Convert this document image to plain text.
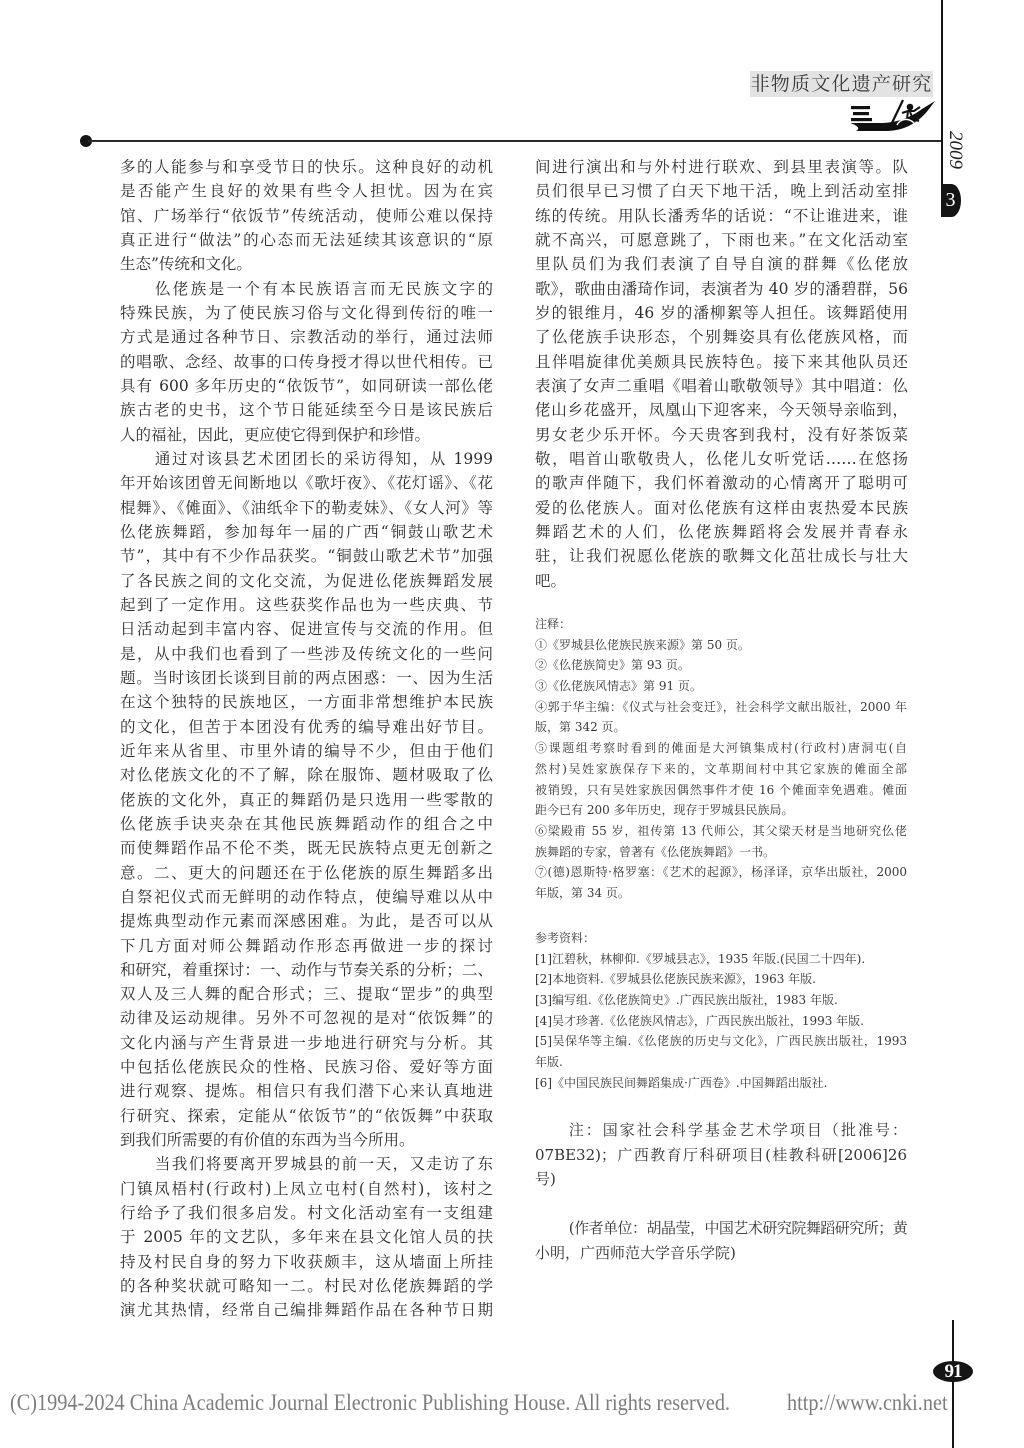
非物质文化遗产研究
2009
3
多的人能参与和享受节日的快乐。这种良好的动机
是否能产生良好的效果有些令人担忧。因为在宾
馆、广场举行“依饭节”传统活动，使师公难以保持
真正进行“做法”的心态而无法延续其该意识的“原
生态”传统和文化。
仫佬族是一个有本民族语言而无民族文字的
特殊民族，为了使民族习俗与文化得到传衍的唯一
方式是通过各种节日、宗教活动的举行，通过法师
的唱歌、念经、故事的口传身授才得以世代相传。已
具有 600 多年历史的“依饭节”，如同研读一部仫佬
族古老的史书，这个节日能延续至今日是该民族后
人的福祉，因此，更应使它得到保护和珍惜。
通过对该县艺术团团长的采访得知，从 1999
年开始该团曾无间断地以《歌圩夜》、《花灯谣》、《花
棍舞》、《傩面》、《油纸伞下的勒麦妹》、《女人河》等
仫佬族舞蹈，参加每年一届的广西“铜鼓山歌艺术
节”，其中有不少作品获奖。“铜鼓山歌艺术节”加强
了各民族之间的文化交流，为促进仫佬族舞蹈发展
起到了一定作用。这些获奖作品也为一些庆典、节
日活动起到丰富内容、促进宣传与交流的作用。但
是，从中我们也看到了一些涉及传统文化的一些问
题。当时该团长谈到目前的两点困惑：一、因为生活
在这个独特的民族地区，一方面非常想维护本民族
的文化，但苦于本团没有优秀的编导难出好节目。
近年来从省里、市里外请的编导不少，但由于他们
对仫佬族文化的不了解，除在服饰、题材吸取了仫
佬族的文化外，真正的舞蹈仍是只选用一些零散的
仫佬族手诀夹杂在其他民族舞蹈动作的组合之中
而使舞蹈作品不伦不类，既无民族特点更无创新之
意。二、更大的问题还在于仫佬族的原生舞蹈多出
自祭祀仪式而无鲜明的动作特点，使编导难以从中
提炼典型动作元素而深感困难。为此，是否可以从
下几方面对师公舞蹈动作形态再做进一步的探讨
和研究，着重探讨：一、动作与节奏关系的分析；二、
双人及三人舞的配合形式；三、提取“罡步”的典型
动律及运动规律。另外不可忽视的是对“依饭舞”的
文化内涵与产生背景进一步地进行研究与分析。其
中包括仫佬族民众的性格、民族习俗、爱好等方面
进行观察、提炼。相信只有我们潜下心来认真地进
行研究、探索，定能从“依饭节”的“依饭舞”中获取
到我们所需要的有价值的东西为当今所用。
当我们将要离开罗城县的前一天，又走访了东
门镇凤梧村(行政村)上凤立屯村(自然村)，该村之
行给予了我们很多启发。村文化活动室有一支组建
于 2005 年的文艺队，多年来在县文化馆人员的扶
持及村民自身的努力下收获颇丰，这从墙面上所挂
的各种奖状就可略知一二。村民对仫佬族舞蹈的学
演尤其热情，经常自己编排舞蹈作品在各种节日期
间进行演出和与外村进行联欢、到县里表演等。队
员们很早已习惯了白天下地干活，晚上到活动室排
练的传统。用队长潘秀华的话说：“不让谁进来，谁
就不高兴，可愿意跳了，下雨也来。”在文化活动室
里队员们为我们表演了自导自演的群舞《仫佬放
歌》，歌曲由潘琦作词，表演者为 40 岁的潘碧群，56
岁的银维月，46 岁的潘柳絮等人担任。该舞蹈使用
了仫佬族手诀形态，个别舞姿具有仫佬族风格，而
且伴唱旋律优美颇具民族特色。接下来其他队员还
表演了女声二重唱《唱着山歌敬领导》其中唱道：仫
佬山乡花盛开，凤凰山下迎客来，今天领导亲临到，
男女老少乐开怀。今天贵客到我村，没有好茶饭菜
敬，唱首山歌敬贵人，仫佬儿女听党话……在悠扬
的歌声伴随下，我们怀着激动的心情离开了聪明可
爱的仫佬族人。面对仫佬族有这样由衷热爱本民族
舞蹈艺术的人们，仫佬族舞蹈将会发展并青春永
驻，让我们祝愿仫佬族的歌舞文化茁壮成长与壮大
吧。
注释：
①《罗城县仫佬族民族来源》第 50 页。
②《仫佬族简史》第 93 页。
③《仫佬族风情志》第 91 页。
④郭于华主编：《仪式与社会变迁》，社会科学文献出版社，2000 年
版，第 342 页。
⑤课题组考察时看到的傩面是大河镇集成村(行政村)唐洞屯(自
然村)吴姓家族保存下来的，文革期间村中其它家族的傩面全部
被销毁，只有吴姓家族因偶然事件才使 16 个傩面幸免遇难。傩面
距今已有 200 多年历史，现存于罗城县民族局。
⑥梁殿甫 55 岁，祖传第 13 代师公，其父梁天材是当地研究仫佬
族舞蹈的专家，曾著有《仫佬族舞蹈》一书。
⑦(德)恩斯特·格罗塞：《艺术的起源》，杨泽译，京华出版社，2000
年版，第 34 页。
参考资料：
[1]江碧秋，林柳仰.《罗城县志》，1935 年版.(民国二十四年).
[2]本地资料.《罗城县仫佬族民族来源》，1963 年版.
[3]编写组.《仫佬族简史》.广西民族出版社，1983 年版.
[4]吴才珍著.《仫佬族风情志》，广西民族出版社，1993 年版.
[5]吴保华等主编.《仫佬族的历史与文化》，广西民族出版社，1993
年版.
[6]《中国民族民间舞蹈集成·广西卷》.中国舞蹈出版社.
注：国家社会科学基金艺术学项目（批准号：
07BE32)；广西教育厅科研项目(桂教科研[2006]26
号)
(作者单位：胡晶莹，中国艺术研究院舞蹈研究所；黄
小明，广西师范大学音乐学院)
91
(C)1994-2024 China Academic Journal Electronic Publishing House. All rights reserved. http://www.cnki.net
